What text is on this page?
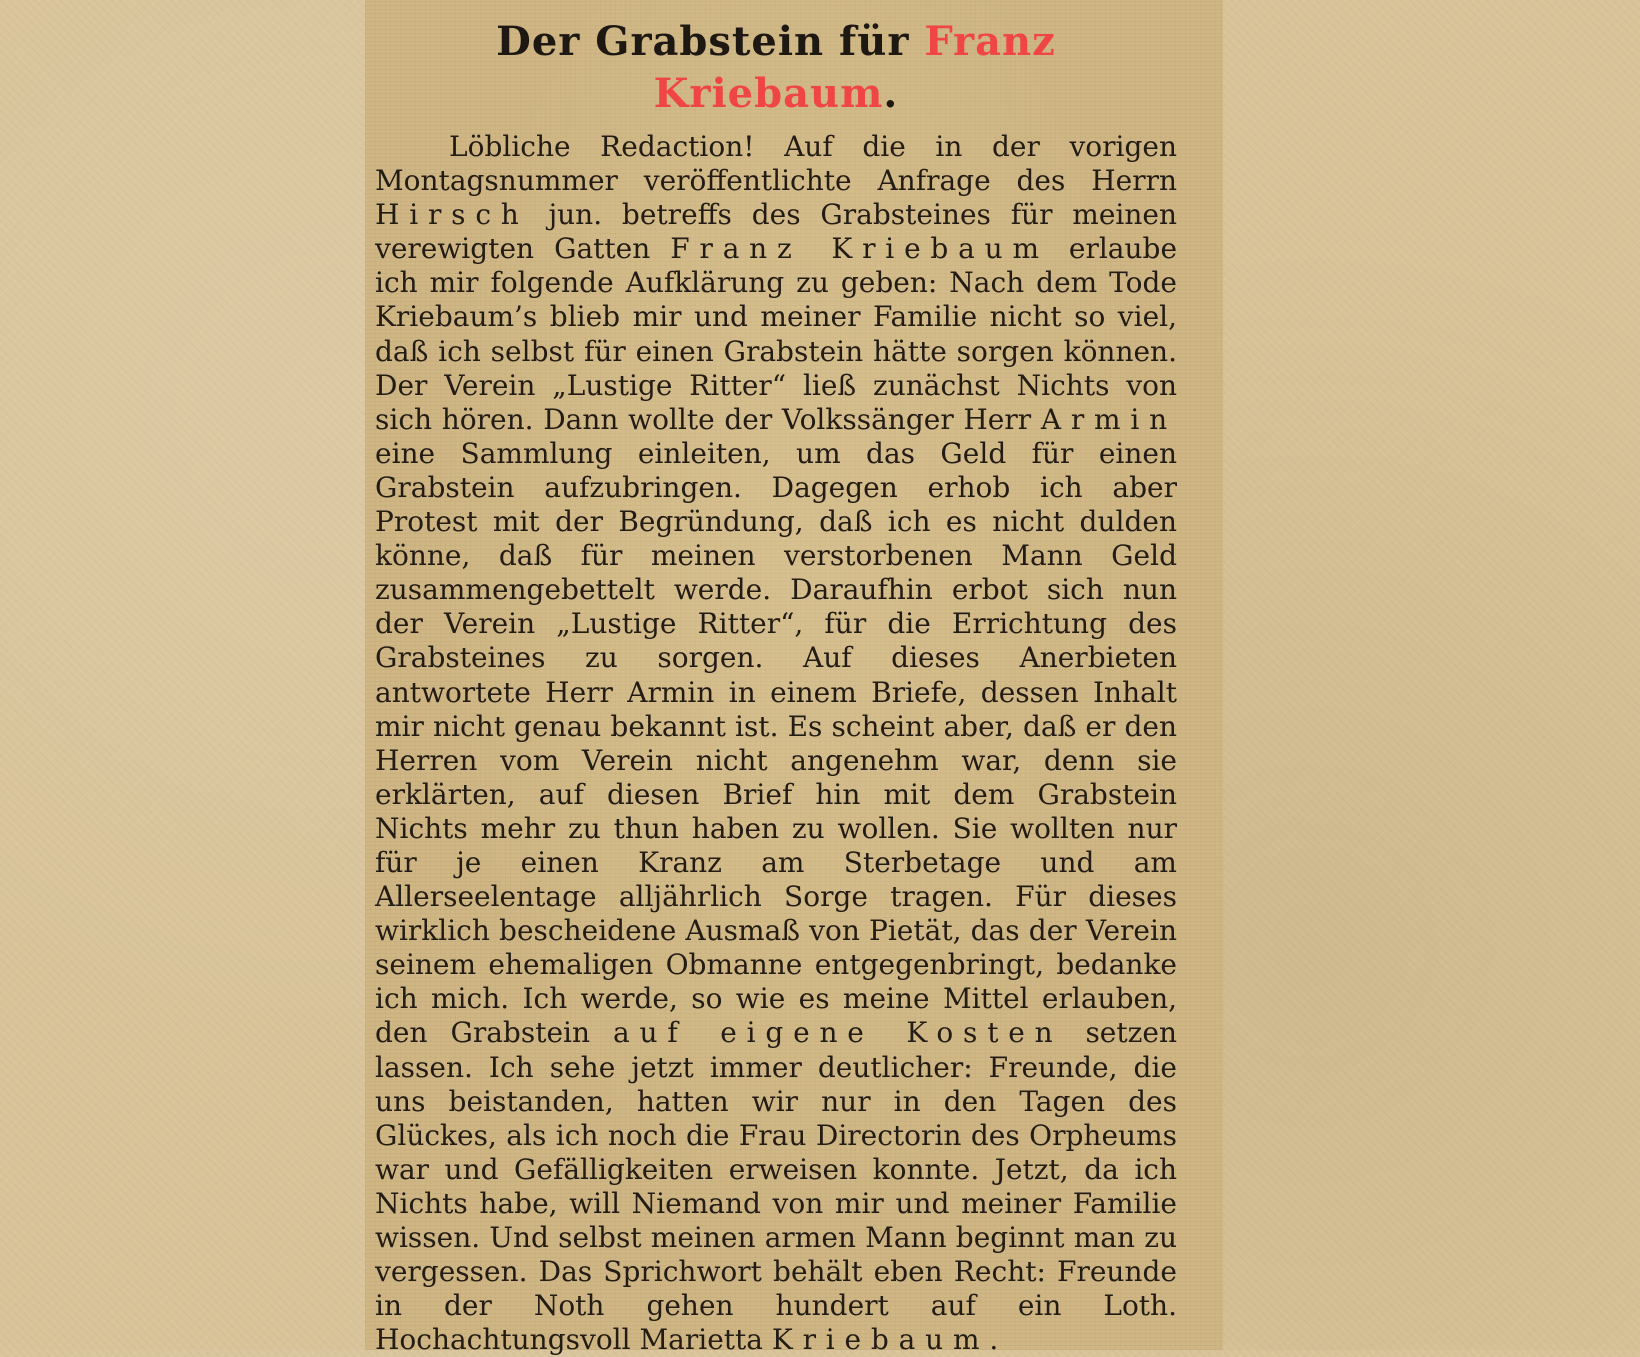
Der Grabstein für Franz Kriebaum.

Löbliche Redaction! Auf die in der vorigen Montagsnummer veröffentlichte Anfrage des Herrn Hirsch jun. betreffs des Grabsteines für meinen verewigten Gatten Franz Kriebaum erlaube ich mir folgende Aufklärung zu geben: Nach dem Tode Kriebaum’s blieb mir und meiner Familie nicht so viel, daß ich selbst für einen Grabstein hätte sorgen können. Der Verein „Lustige Ritter“ ließ zunächst Nichts von sich hören. Dann wollte der Volkssänger Herr Armin eine Sammlung einleiten, um das Geld für einen Grabstein aufzubringen. Dagegen erhob ich aber Protest mit der Begründung, daß ich es nicht dulden könne, daß für meinen verstorbenen Mann Geld zusammengebettelt werde. Daraufhin erbot sich nun der Verein „Lustige Ritter“, für die Errichtung des Grabsteines zu sorgen. Auf dieses Anerbieten antwortete Herr Armin in einem Briefe, dessen Inhalt mir nicht genau bekannt ist. Es scheint aber, daß er den Herren vom Verein nicht angenehm war, denn sie erklärten, auf diesen Brief hin mit dem Grabstein Nichts mehr zu thun haben zu wollen. Sie wollten nur für je einen Kranz am Sterbetage und am Allerseelentage alljährlich Sorge tragen. Für dieses wirklich bescheidene Ausmaß von Pietät, das der Verein seinem ehemaligen Obmanne entgegenbringt, bedanke ich mich. Ich werde, so wie es meine Mittel erlauben, den Grabstein auf eigene Kosten setzen lassen. Ich sehe jetzt immer deutlicher: Freunde, die uns beistanden, hatten wir nur in den Tagen des Glückes, als ich noch die Frau Directorin des Orpheums war und Gefälligkeiten erweisen konnte. Jetzt, da ich Nichts habe, will Niemand von mir und meiner Familie wissen. Und selbst meinen armen Mann beginnt man zu vergessen. Das Sprichwort behält eben Recht: Freunde in der Noth gehen hundert auf ein Loth. Hochachtungsvoll Marietta Kriebaum.
